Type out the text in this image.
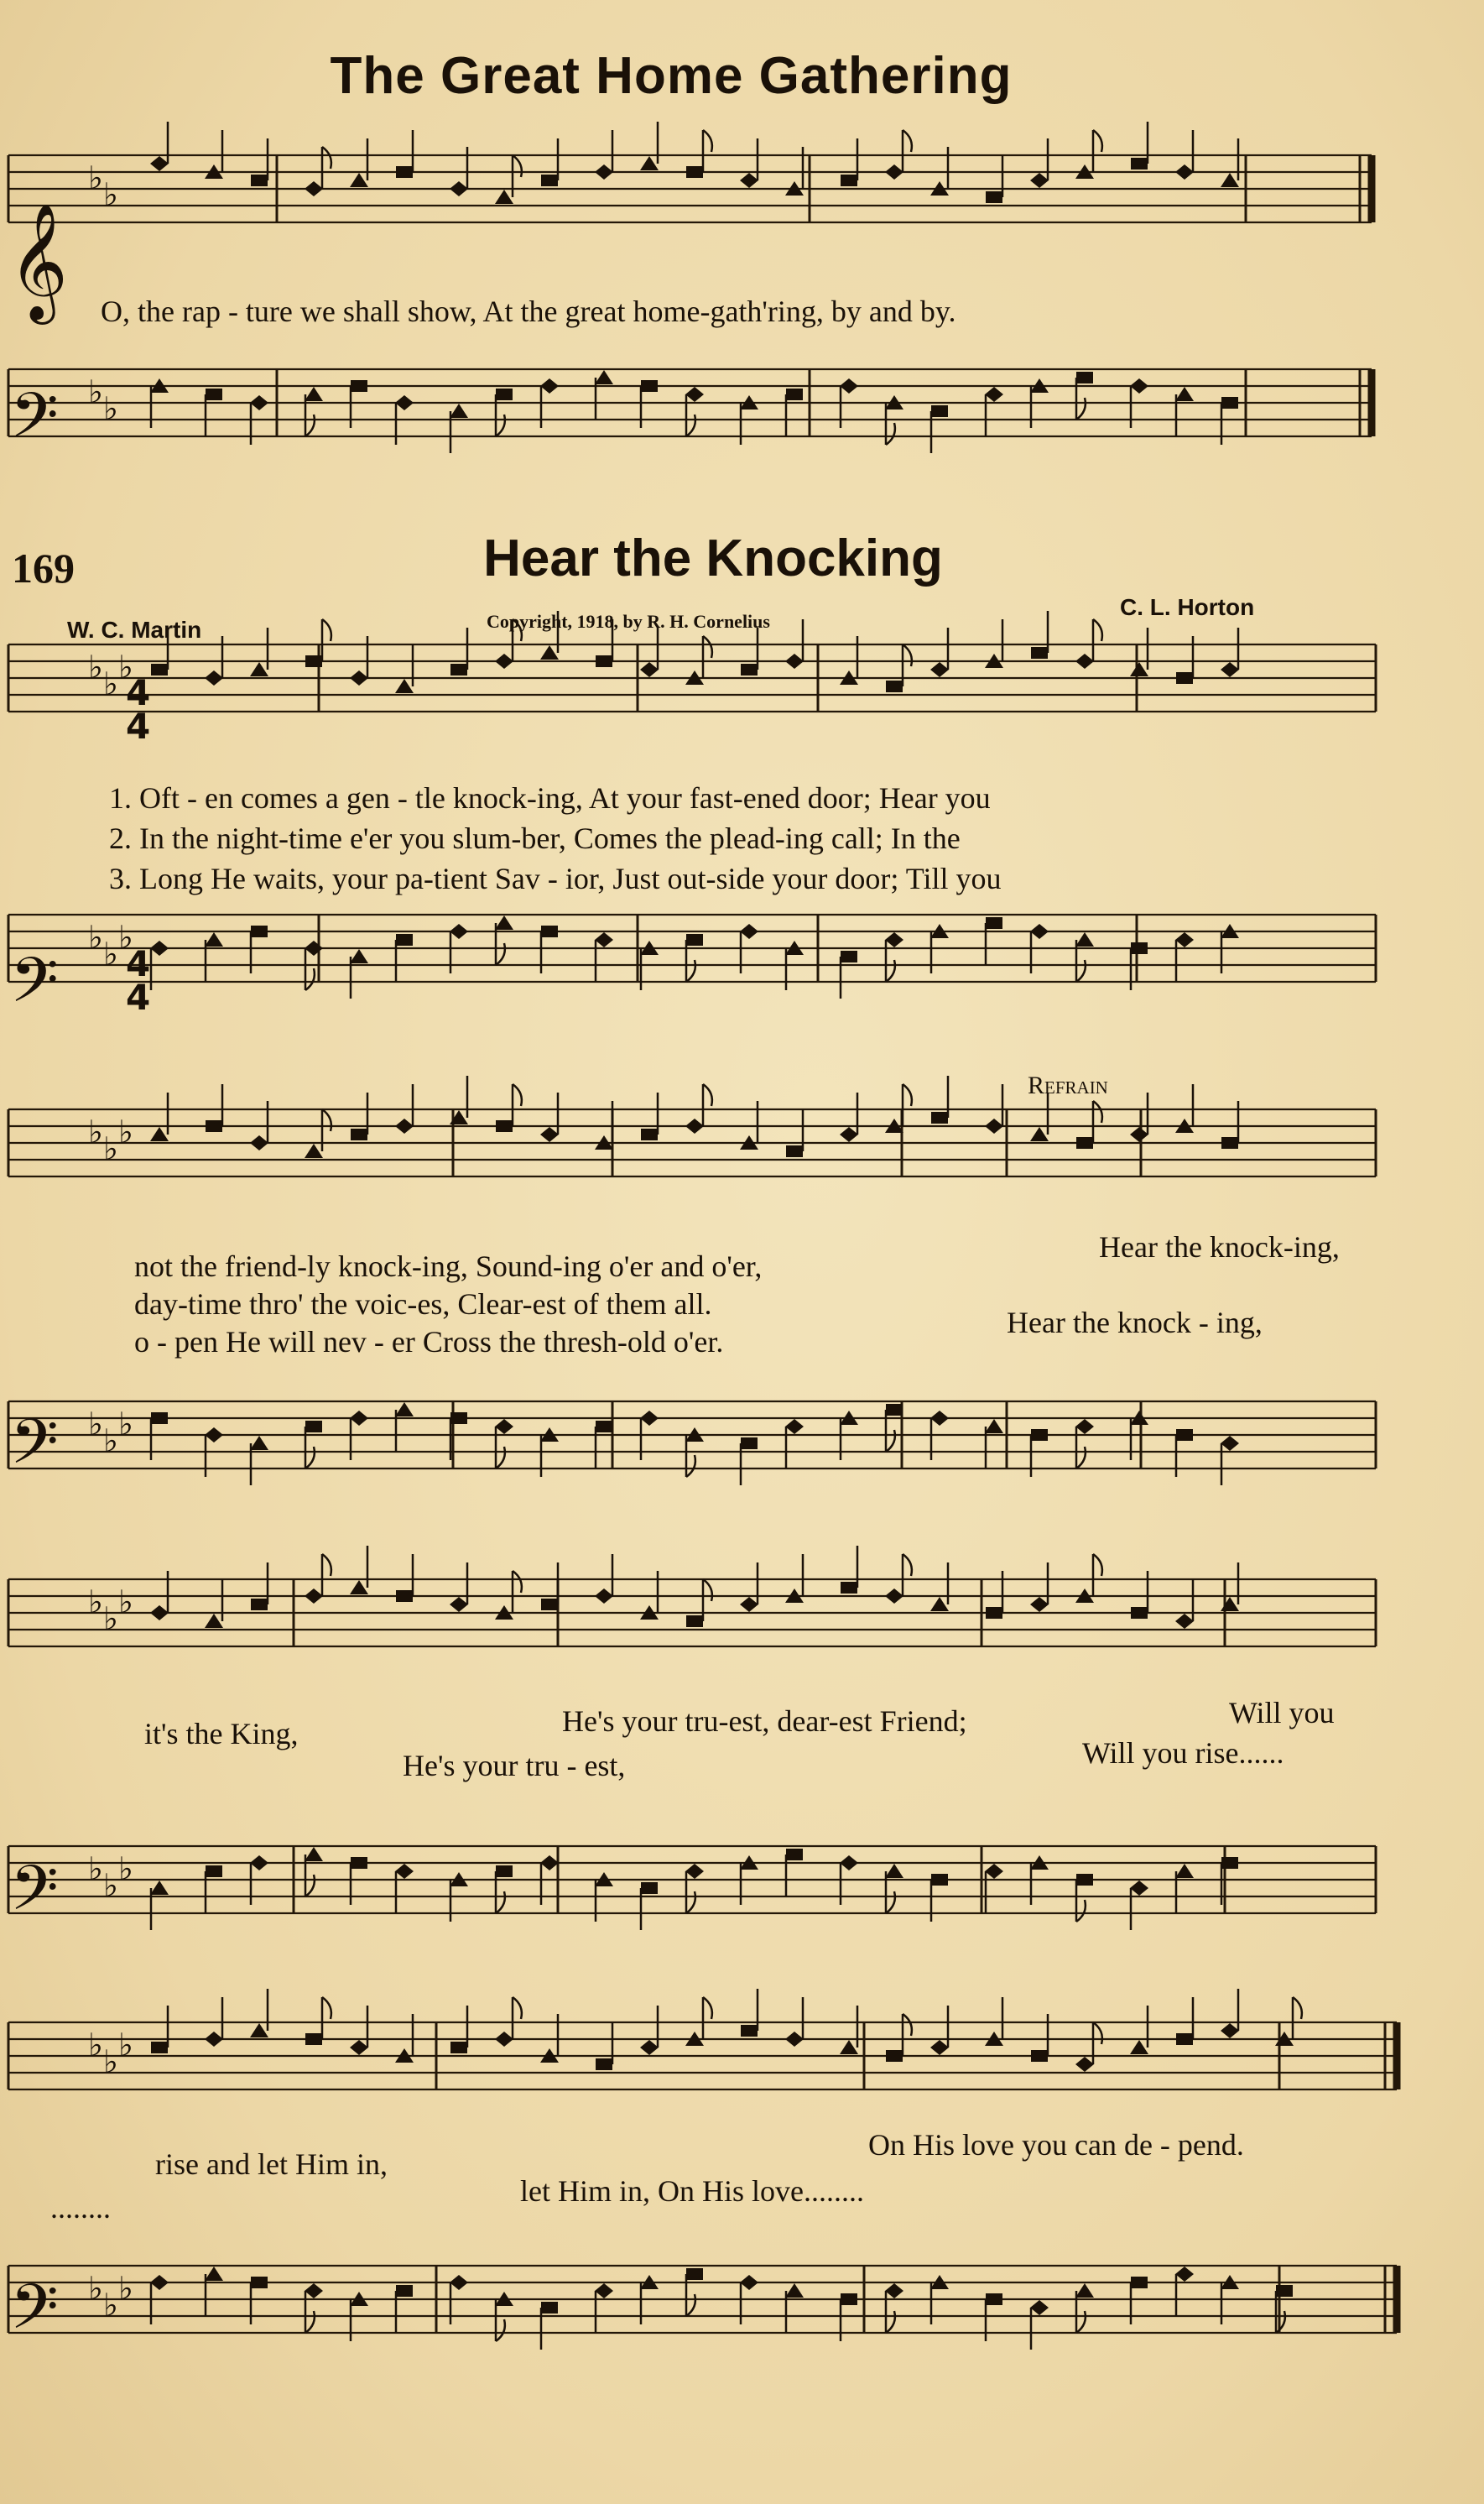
♭ ♭
♭ ♭
♭ ♭ ♭
♭ ♭ ♭
♭ ♭ ♭
♭ ♭ ♭
♭ ♭ ♭
♭ ♭ ♭
♭ ♭ ♭
♭ ♭ ♭
𝄞
𝄢
𝄢
𝄢
𝄢
𝄢
4
4
4
4
The Great Home Gathering
O, the rap - ture we shall show, At the great home-gath'ring, by and by.
169	Hear the Knocking
W. C. Martin	Copyright, 1918, by R. H. Cornelius
C. L. Horton
1. Oft - en comes a gen - tle knock-ing, At your fast-ened door; Hear you
2. In the night-time e'er you slum-ber, Comes the plead-ing call; In the
3. Long He waits, your pa-tient Sav - ior, Just out-side your door; Till you
Refrain
not the friend-ly knock-ing, Sound-ing o'er and o'er,
day-time thro' the voic-es, Clear-est of them all.
o - pen He will nev - er Cross the thresh-old o'er.
Hear the knock-ing,
Hear the knock - ing,
it's the King,	He's your tru-est, dear-est Friend;	Will you
He's your tru - est,	Will you rise......
rise and let Him in,
On His love you can de - pend.
let Him in, On His love........
........
